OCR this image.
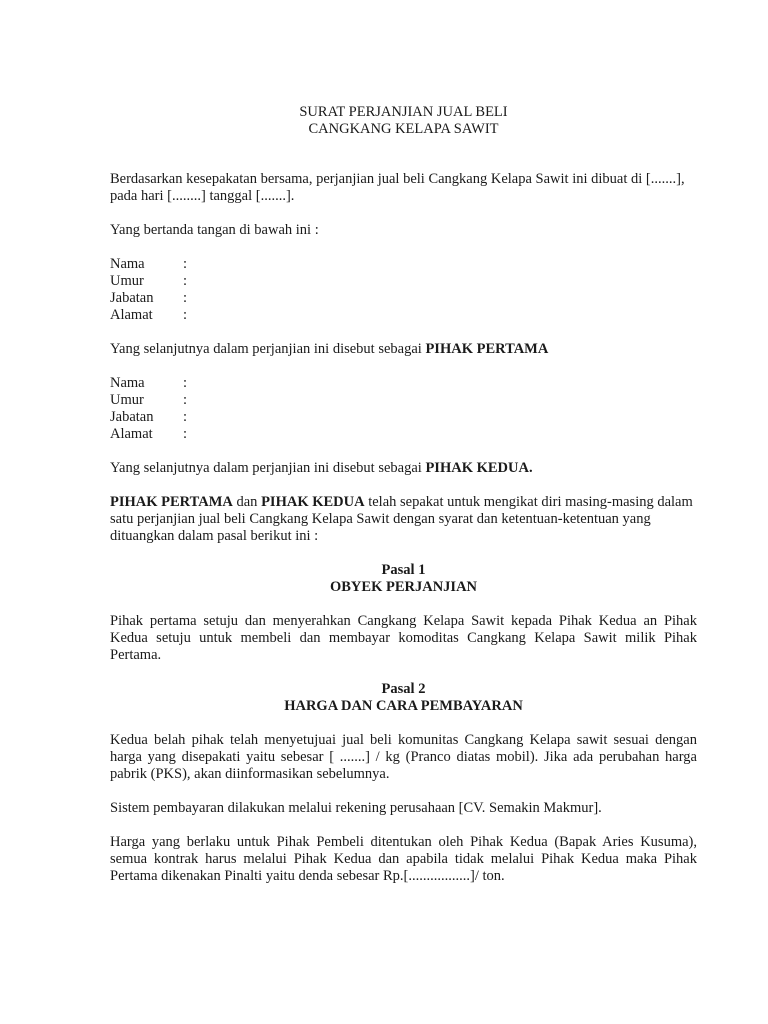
SURAT PERJANJIAN JUAL BELI

CANGKANG KELAPA SAWIT

Berdasarkan kesepakatan bersama, perjanjian jual beli Cangkang Kelapa Sawit ini dibuat di [.......], pada hari [........] tanggal [.......].

Yang bertanda tangan di bawah ini :

Nama	:
Umur	:
Jabatan	:
Alamat	:

Yang selanjutnya dalam perjanjian ini disebut sebagai PIHAK PERTAMA

Nama	:
Umur	:
Jabatan	:
Alamat	:

Yang selanjutnya dalam perjanjian ini disebut sebagai PIHAK KEDUA.

PIHAK PERTAMA dan PIHAK KEDUA telah sepakat untuk mengikat diri masing-masing dalam satu perjanjian jual beli Cangkang Kelapa Sawit dengan syarat dan ketentuan-ketentuan yang dituangkan dalam pasal berikut ini :

Pasal 1

OBYEK PERJANJIAN

Pihak pertama setuju dan menyerahkan Cangkang Kelapa Sawit kepada Pihak Kedua an Pihak Kedua setuju untuk membeli dan membayar komoditas Cangkang Kelapa Sawit milik Pihak Pertama.

Pasal 2

HARGA DAN CARA PEMBAYARAN

Kedua belah pihak telah menyetujuai jual beli komunitas Cangkang Kelapa sawit sesuai dengan harga yang disepakati yaitu sebesar [ .......] / kg (Pranco diatas mobil). Jika ada perubahan harga pabrik (PKS), akan diinformasikan sebelumnya.

Sistem pembayaran dilakukan melalui rekening perusahaan [CV. Semakin Makmur].

Harga yang berlaku untuk Pihak Pembeli ditentukan oleh Pihak Kedua (Bapak Aries Kusuma), semua kontrak harus melalui Pihak Kedua dan apabila tidak melalui Pihak Kedua maka Pihak Pertama dikenakan Pinalti yaitu denda sebesar Rp.[.................]/ ton.
